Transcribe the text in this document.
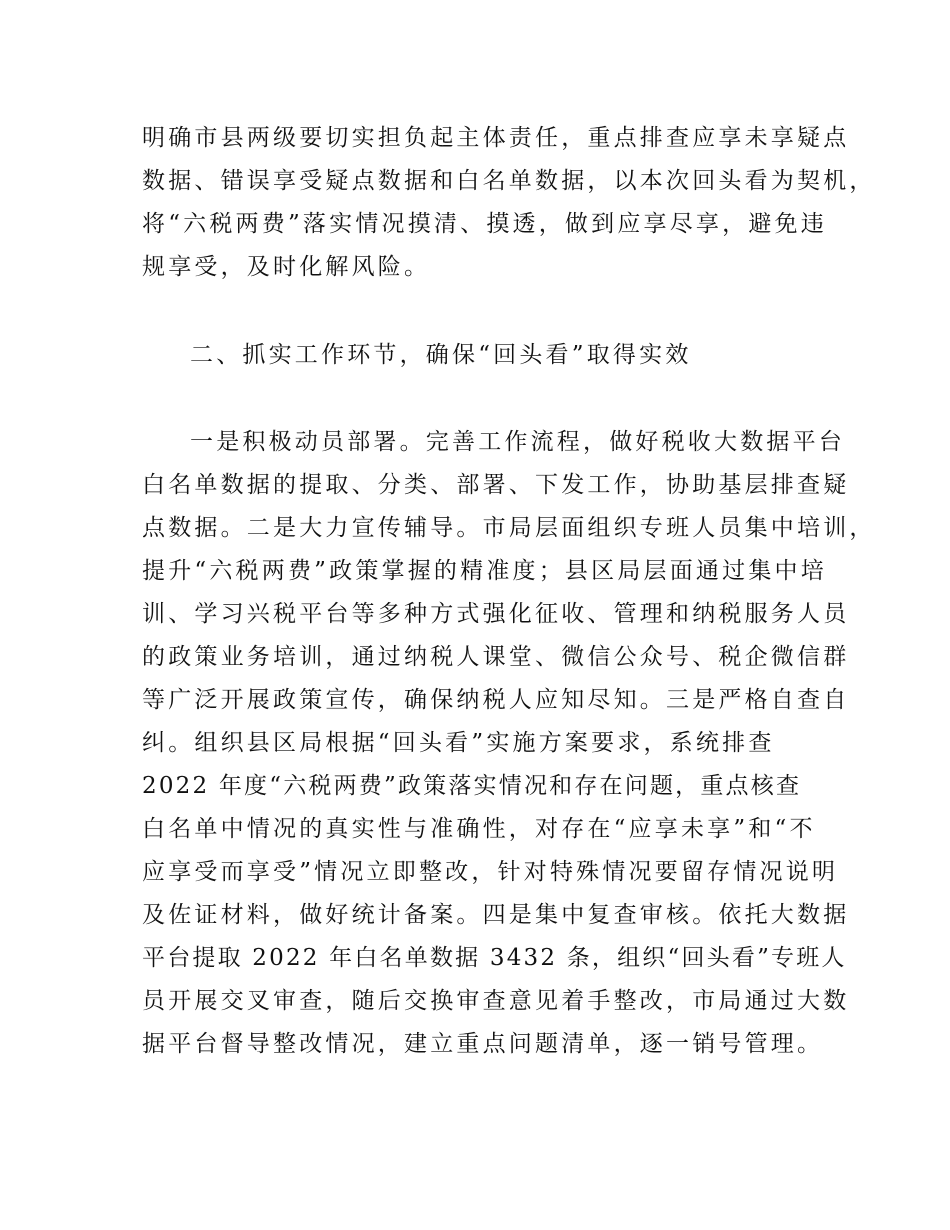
明确市县两级要切实担负起主体责任，重点排查应享未享疑点
数据、错误享受疑点数据和白名单数据，以本次回头看为契机，
将“六税两费”落实情况摸清、摸透，做到应享尽享，避免违
规享受，及时化解风险。
二、抓实工作环节，确保“回头看”取得实效
一是积极动员部署。完善工作流程，做好税收大数据平台
白名单数据的提取、分类、部署、下发工作，协助基层排查疑
点数据。二是大力宣传辅导。市局层面组织专班人员集中培训，
提升“六税两费”政策掌握的精准度；县区局层面通过集中培
训、学习兴税平台等多种方式强化征收、管理和纳税服务人员
的政策业务培训，通过纳税人课堂、微信公众号、税企微信群
等广泛开展政策宣传，确保纳税人应知尽知。三是严格自查自
纠。组织县区局根据“回头看”实施方案要求，系统排查
2022 年度“六税两费”政策落实情况和存在问题，重点核查
白名单中情况的真实性与准确性，对存在“应享未享”和“不
应享受而享受”情况立即整改，针对特殊情况要留存情况说明
及佐证材料，做好统计备案。四是集中复查审核。依托大数据
平台提取 2022 年白名单数据 3432 条，组织“回头看”专班人
员开展交叉审查，随后交换审查意见着手整改，市局通过大数
据平台督导整改情况，建立重点问题清单，逐一销号管理。
